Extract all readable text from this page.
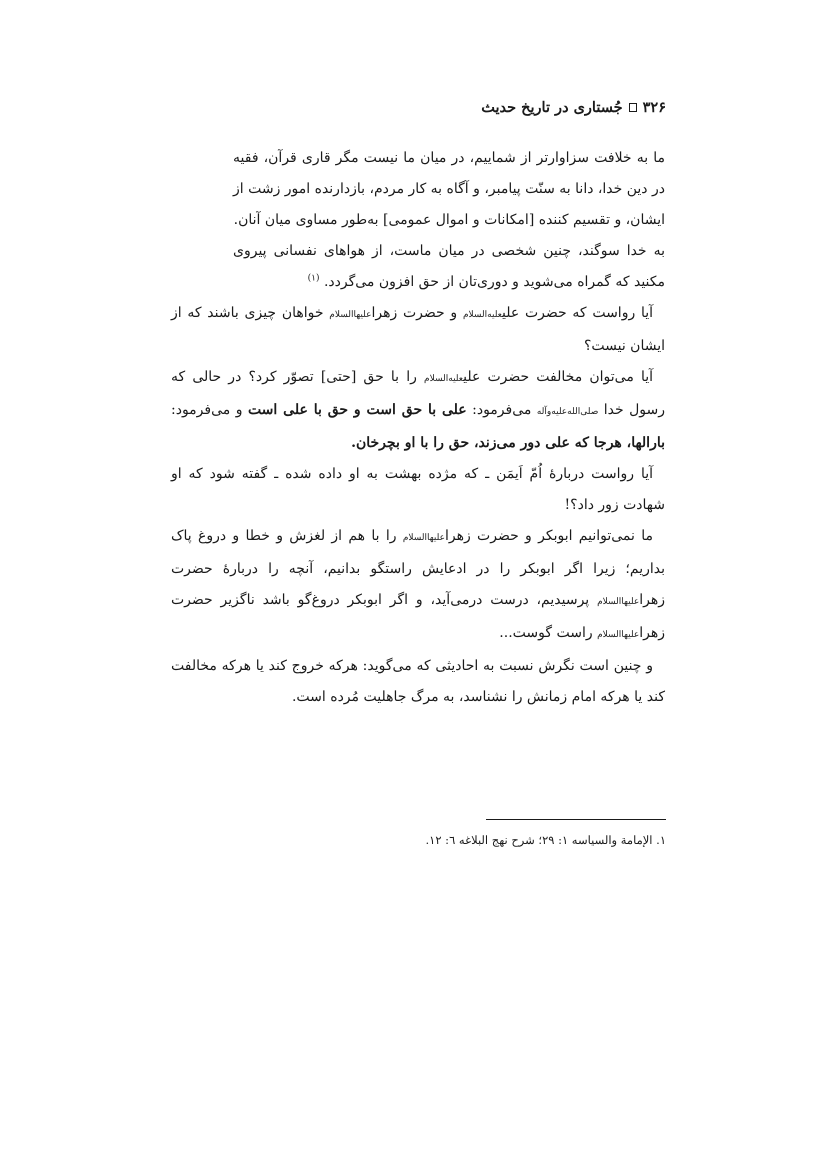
۳۲۶
جُستاری در تاریخ حدیث

ما به خلافت سزاوارتر از شماییم، در میان ما نیست مگر قاری قرآن، فقیه در دین خدا، دانا به سنّت پیامبر، و آگاه به کار مردم، بازدارنده امور زشت از ایشان، و تقسیم کننده [امکانات و اموال عمومی] به‌طور مساوی میان آنان.

به خدا سوگند، چنین شخصی در میان ماست، از هواهای نفسانی پیروی مکنید که گمراه می‌شوید و دوری‌تان از حق افزون می‌گردد. $^{(۱)}$

آیا رواست که حضرت علیعليه‌السلام و حضرت زهراعليهاالسلام خواهان چیزی باشند که از ایشان نیست؟

آیا می‌توان مخالفت حضرت علیعليه‌السلام را با حق [حتی] تصوّر کرد؟ در حالی که رسول خدا صلی‌الله‌عليه‌وآله می‌فرمود: علی با حق است و حق با علی است و می‌فرمود: بارالها، هرجا که علی دور می‌زند، حق را با او بچرخان.

آیا رواست دربارهٔ اُمّ اَیمَن ـ که مژده بهشت به او داده شده ـ گفته شود که او شهادت زور داد؟!

ما نمی‌توانیم ابوبکر و حضرت زهراعليهاالسلام را با هم از لغزش و خطا و دروغ پاک بداریم؛ زیرا اگر ابوبکر را در ادعایش راستگو بدانیم، آنچه را دربارهٔ حضرت زهراعليهاالسلام پرسیدیم، درست درمی‌آید، و اگر ابوبکر دروغ‌گو باشد ناگزیر حضرت زهراعليهاالسلام راست گوست...

و چنین است نگرش نسبت به احادیثی که می‌گوید: هرکه خروج کند یا هرکه مخالفت کند یا هرکه امام زمانش را نشناسد، به مرگ جاهلیت مُرده است.

۱. الإمامة والسیاسه ۱: ۲۹؛ شرح نهج البلاغه ٦: ۱۲.
